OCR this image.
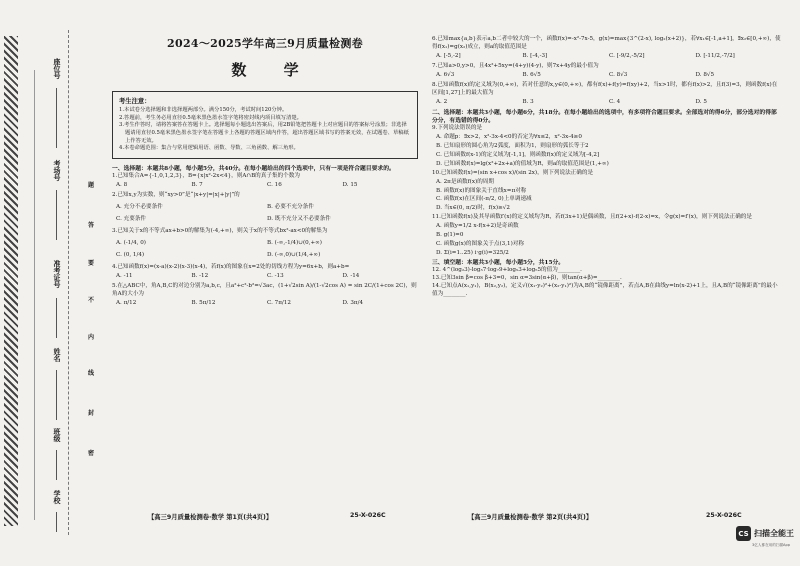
座位号
考场号
准考证号
姓名
班级
学校
题
答
要
不
内
线
封
密
2024～2025学年高三9月质量检测卷
数 学
考生注意：
1.本试卷分选择题和非选择题两部分。满分150分，考试时间120分钟。
2.答题前，考生务必用直径0.5毫米黑色墨水签字笔将密封线内项目填写清楚。
3.考生作答时，请将答案答在答题卡上。选择题每小题选出答案后，用2B铅笔把答题卡上对应题目的答案标号涂黑；非选择题请用直径0.5毫米黑色墨水签字笔在答题卡上各题的答题区域内作答，超出答题区域书写的答案无效，在试题卷、草稿纸上作答无效。
4.本卷命题范围：集合与常用逻辑用语、函数、导数、三角函数、解三角形。

一、选择题：本题共8小题，每小题5分，共40分。在每小题给出的四个选项中，只有一项是符合题目要求的。

1.已知集合A={-1,0,1,2,3}，B={x|x²-2x<4}，则A∩B的真子集的个数为

A. 8	B. 7	C. 16	D. 15

2.已知x,y为实数，则“xy>0”是“|x+y|=|x|+|y|”的

A. 充分不必要条件	B. 必要不充分条件
C. 充要条件	D. 既不充分又不必要条件

3.已知关于x的不等式ax+b>0的解集为(-4,+∞)，则关于x的不等式bx²-ax<0的解集为

A. (-1/4, 0)	B. (-∞,-1/4)∪(0,+∞)
C. (0, 1/4)	D. (-∞,0)∪(1/4,+∞)

4.已知函数f(x)=(x-a)(x-2)(x-3)(x-4)，若f(x)的图象在x=2处的切线方程为y=6x+b，则a+b=

A. -11	B. -12	C. -13	D. -14

5.在△ABC中，角A,B,C的对边分别为a,b,c，且a²+c²-b²=√3ac，(1+√2sin A)/(1-√2cos A) = sin 2C/(1+cos 2C)，则角A的大小为

A. π/12	B. 5π/12	C. 7π/12	D. 3π/4

6.已知max{a,b}表示a,b二者中较大的一个，函数f(x)=-x²-7x-5，g(x)=max{3^(2-x), log₂(x+2)}，若∀x₁∈[-1,a+1]，∃x₂∈[0,+∞)，使得f(x₁)=g(x₂)成立，则a的取值范围是

A. [-5,-2]	B. [-4,-3]	C. [-9/2,-5/2]	D. [-11/2,-7/2]

7.已知a>0,y>0，且4x²+5xy=(4+y)(4-y)，则7x+4y的最小值为

A. 6√3	B. 6√5	C. 8√3	D. 8√5

8.已知函数f(x)的定义域为(0,+∞)，若对任意的x,y∈(0,+∞)，都有f(x)+f(y)=f(xy)+2，当x>1时，都有f(x)>2，且f(3)=3，则函数f(x)在区间[1,27]上的最大值为

A. 2	B. 3	C. 4	D. 5

二、选择题：本题共3小题，每小题6分，共18分。在每小题给出的选项中，有多项符合题目要求。全部选对的得6分，部分选对的得部分分，有选错的得0分。

9.下列说法错误的是

A. 命题p：∃x>2，x²-3x-4<0的否定为∀x≤2，x²-3x-4≥0
B. 已知扇形的圆心角为2弧度，面积为1，则扇形的弧长等于2
C. 已知函数f(x-1)的定义域为[-1,1]，则函数f(x)的定义域为[-4,2]
D. 已知函数f(x)=lg(x²+2x+a)的值域为R，则a的取值范围是(1,+∞)

10.已知函数f(x)=(sin x+cos x)/(sin 2x)，则下列说法正确的是

A. 2π是函数f(x)的周期
B. 函数f(x)的图象关于直线x=π对称
C. 函数f(x)在区间(-π/2, 0)上单调递减
D. 当x∈(0, π/2)时，f(x)≥√2

11.已知函数f(x)及其导函数f′(x)的定义域均为R，若f(3x+1)是偶函数，且f(2+x)-f(2-x)=x，令g(x)=f′(x)，则下列说法正确的是

A. 函数y=1/2 x-f(x+2)是奇函数
B. g(1)=0
C. 函数g(x)的图象关于点(3,1)对称
D. Σ(i=1..25) i·g(i)=325/2

三、填空题：本题共3小题，每小题5分，共15分。

12. 4^(log₂3)-log₃7·log₇9+log₅3+log₅5的值为________.

13.已知3sin β=cos β+3=0，sin α=3sin(α+β)，则tan(α+β)=________.

14.已知点A(x₁,y₁)，B(x₂,y₂)，定义√((x₁-y₂)²+(x₂-y₁)²)为A,B的“镜像距离”，若点A,B在曲线y=ln(x-2)+1上，且A,B的“镜像距离”的最小值为________.

【高三9月质量检测卷·数学 第1页(共4页)】	25-X-026C	【高三9月质量检测卷·数学 第2页(共4页)】	25-X-026C
CS 扫描全能王
3亿人都在用的扫描App
